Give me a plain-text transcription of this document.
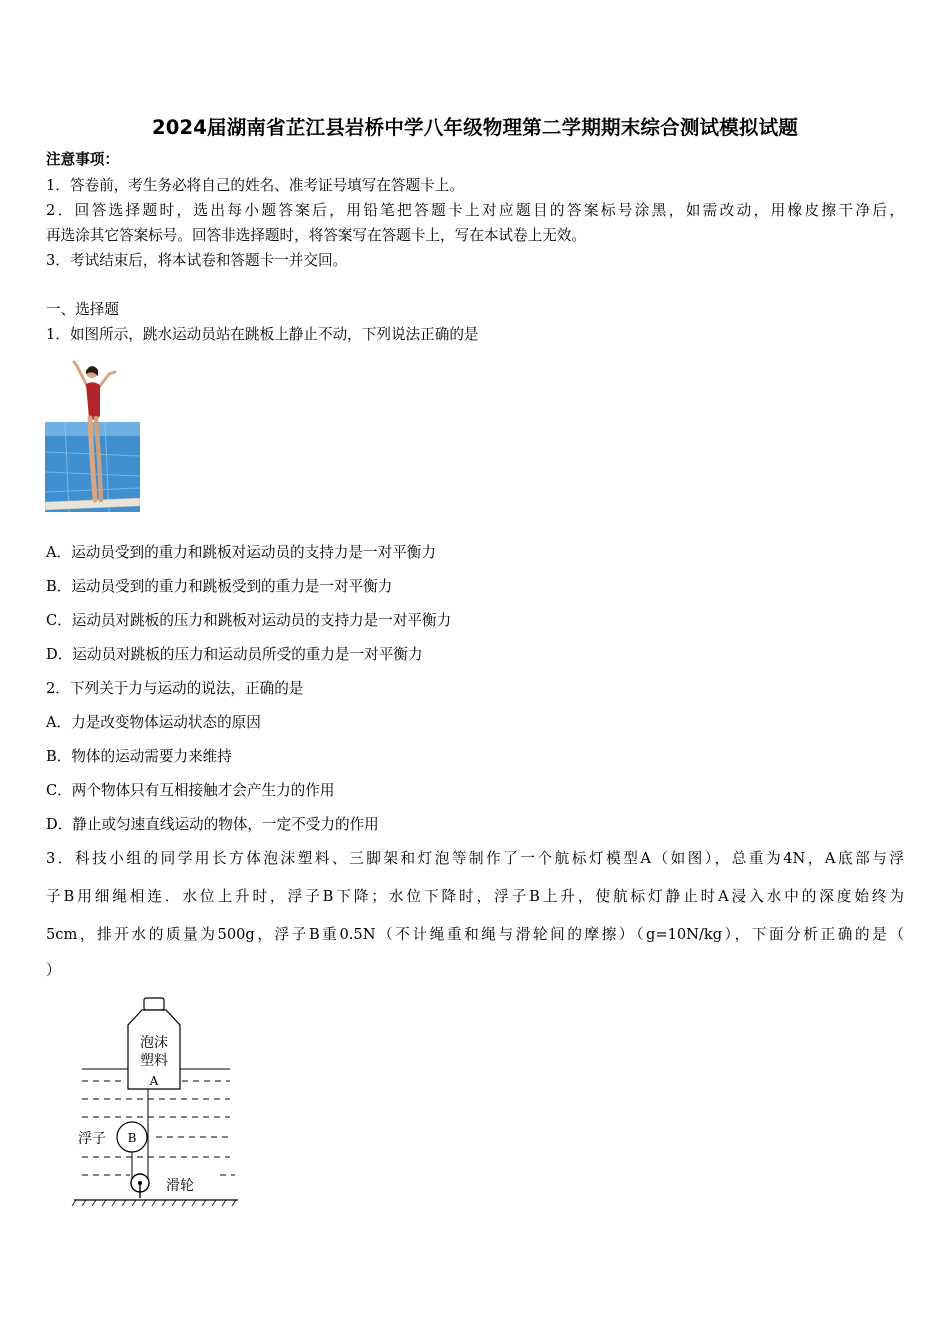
2024届湖南省芷江县岩桥中学八年级物理第二学期期末综合测试模拟试题
注意事项：
1．答卷前，考生务必将自己的姓名、准考证号填写在答题卡上。
2．回答选择题时，选出每小题答案后，用铅笔把答题卡上对应题目的答案标号涂黑，如需改动，用橡皮擦干净后，
再选涂其它答案标号。回答非选择题时，将答案写在答题卡上，写在本试卷上无效。
3．考试结束后，将本试卷和答题卡一并交回。
一、选择题
1．如图所示，跳水运动员站在跳板上静止不动，下列说法正确的是
A．运动员受到的重力和跳板对运动员的支持力是一对平衡力
B．运动员受到的重力和跳板受到的重力是一对平衡力
C．运动员对跳板的压力和跳板对运动员的支持力是一对平衡力
D．运动员对跳板的压力和运动员所受的重力是一对平衡力
2．下列关于力与运动的说法，正确的是
A．力是改变物体运动状态的原因
B．物体的运动需要力来维持
C．两个物体只有互相接触才会产生力的作用
D．静止或匀速直线运动的物体，一定不受力的作用
3．科技小组的同学用长方体泡沫塑料、三脚架和灯泡等制作了一个航标灯模型A（如图），总重为4N，A底部与浮
子B用细绳相连．水位上升时，浮子B下降；水位下降时，浮子B上升，使航标灯静止时A浸入水中的深度始终为
5cm，排开水的质量为500g，浮子B重0.5N（不计绳重和绳与滑轮间的摩擦）（g=10N/kg），下面分析正确的是（
）
泡沫
塑料
A
B
浮子
滑轮
